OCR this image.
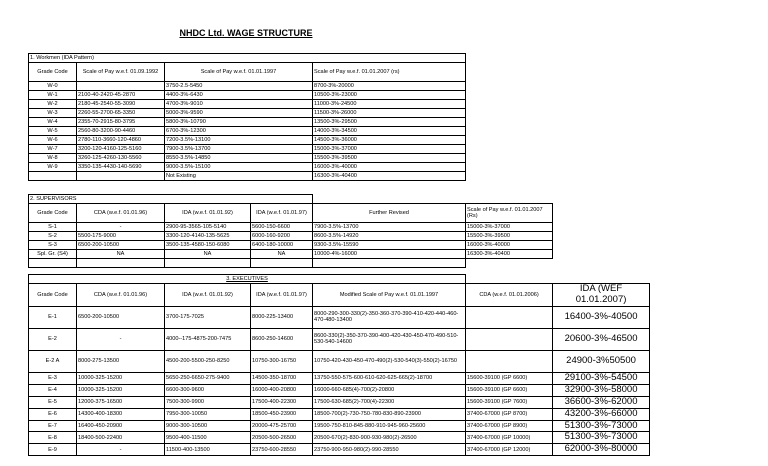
NHDC Ltd. WAGE STRUCTURE
1. Workmen (IDA Pattern)			
Grade Code	Scale of Pay w.e.f. 01.09.1992	Scale of Pay w.e.f. 01.01.1997	Scale of Pay w.e.f. 01.01.2007 (rs)
W-0		3750-2.5-5450	8700-3%-20000
W-1	2100-40-2420-45-2870	4400-3%-6430	10500-3%-23000
W-2	2180-45-2540-55-3090	4700-3%-9010	11000-3%-24500
W-3	2260-55-2700-65-3350	5000-3%-9590	11500-3%-26000
W-4	2355-70-2915-80-3795	5800-3%-10790	13500-3%-29500
W-5	2560-80-3200-90-4460	6700-3%-12300	14000-3%-34500
W-6	2780-110-3660-120-4860	7200-3.5%-13100	14500-3%-36000
W-7	3200-120-4160-125-5160	7900-3.5%-13700	15000-3%-37000
W-8	3260-125-4260-130-5560	8550-3.5%-14850	15500-3%-39500
W-9	3350-135-4430-140-5690	9000-3.5%-15100	16000-3%-40000
		Not Existing	16300-3%-40400
2. SUPERVISORS					
Grade Code	CDA (w.e.f. 01.01.96)	IDA (w.e.f. 01.01.92)	IDA (w.e.f. 01.01.97)	Further Revised	Scale of Pay w.e.f. 01.01.2007 (Rs)
S-1	-	2900-95-3565-105-5140	5600-150-6600	7900-3.5%-13700	15000-3%-37000
S-2	5500-175-9000	3300-120-4140-135-5625	6000-160-9200	8600-3.5%-14920	15500-3%-39500
S-3	6500-200-10500	3500-135-4580-150-6080	6400-180-10000	9300-3.5%-15590	16000-3%-40000
Spl. Gr. (S4)	NA	NA	NA	10000-4%-16000	16300-3%-40400

3. EXECUTIVES						
Grade Code	CDA (w.e.f. 01.01.96)	IDA (w.e.f. 01.01.92)	IDA (w.e.f. 01.01.97)	Modified Scale of Pay w.e.f. 01.01.1997	CDA (w.e.f. 01.01.2006)	IDA (WEF 01.01.2007)
E-1	6500-200-10500	3700-175-7025	8000-225-13400	8000-290-300-330(2)-350-360-370-390-410-420-440-460-470-480-13400		16400-3%-40500
E-2	-	4000--175-4875-200-7475	8600-250-14600	8600-330(2)-350-370-390-400-420-430-450-470-490-510-530-540-14600		20600-3%-46500
E-2 A	8000-275-13500	4500-200-5500-250-8250	10750-300-16750	10750-420-430-450-470-490(2)-530-540(3)-550(2)-16750		24900-3%50500
E-3	10000-325-15200	5650-250-6650-275-9400	14500-350-18700	13750-550-575-600-610-620-625-665(2)-18700	15600-39100 (GP 6600)	29100-3%-54500
E-4	10000-325-15200	6600-300-9600	16000-400-20800	16000-660-685(4)-700(2)-20800	15600-39100 (GP 6600)	32900-3%-58000
E-5	12000-375-16500	7500-300-9900	17500-400-22300	17500-630-685(2)-700(4)-22300	15600-39100 (GP 7600)	36600-3%-62000
E-6	14300-400-18300	7950-300-10050	18500-450-23900	18500-700(2)-730-750-780-830-890-23900	37400-67000 (GP 8700)	43200-3%-66000
E-7	16400-450-20900	9000-300-10500	20000-475-25700	19500-750-810-845-880-910-945-960-25600	37400-67000 (GP 8900)	51300-3%-73000
E-8	18400-500-22400	9500-400-11500	20500-500-26500	20500-670(2)-830-900-930-980(2)-26500	37400-67000 (GP 10000)	51300-3%-73000
E-9	-	11500-400-13500	23750-600-28550	23750-900-950-980(2)-990-28550	37400-67000 (GP 12000)	62000-3%-80000
